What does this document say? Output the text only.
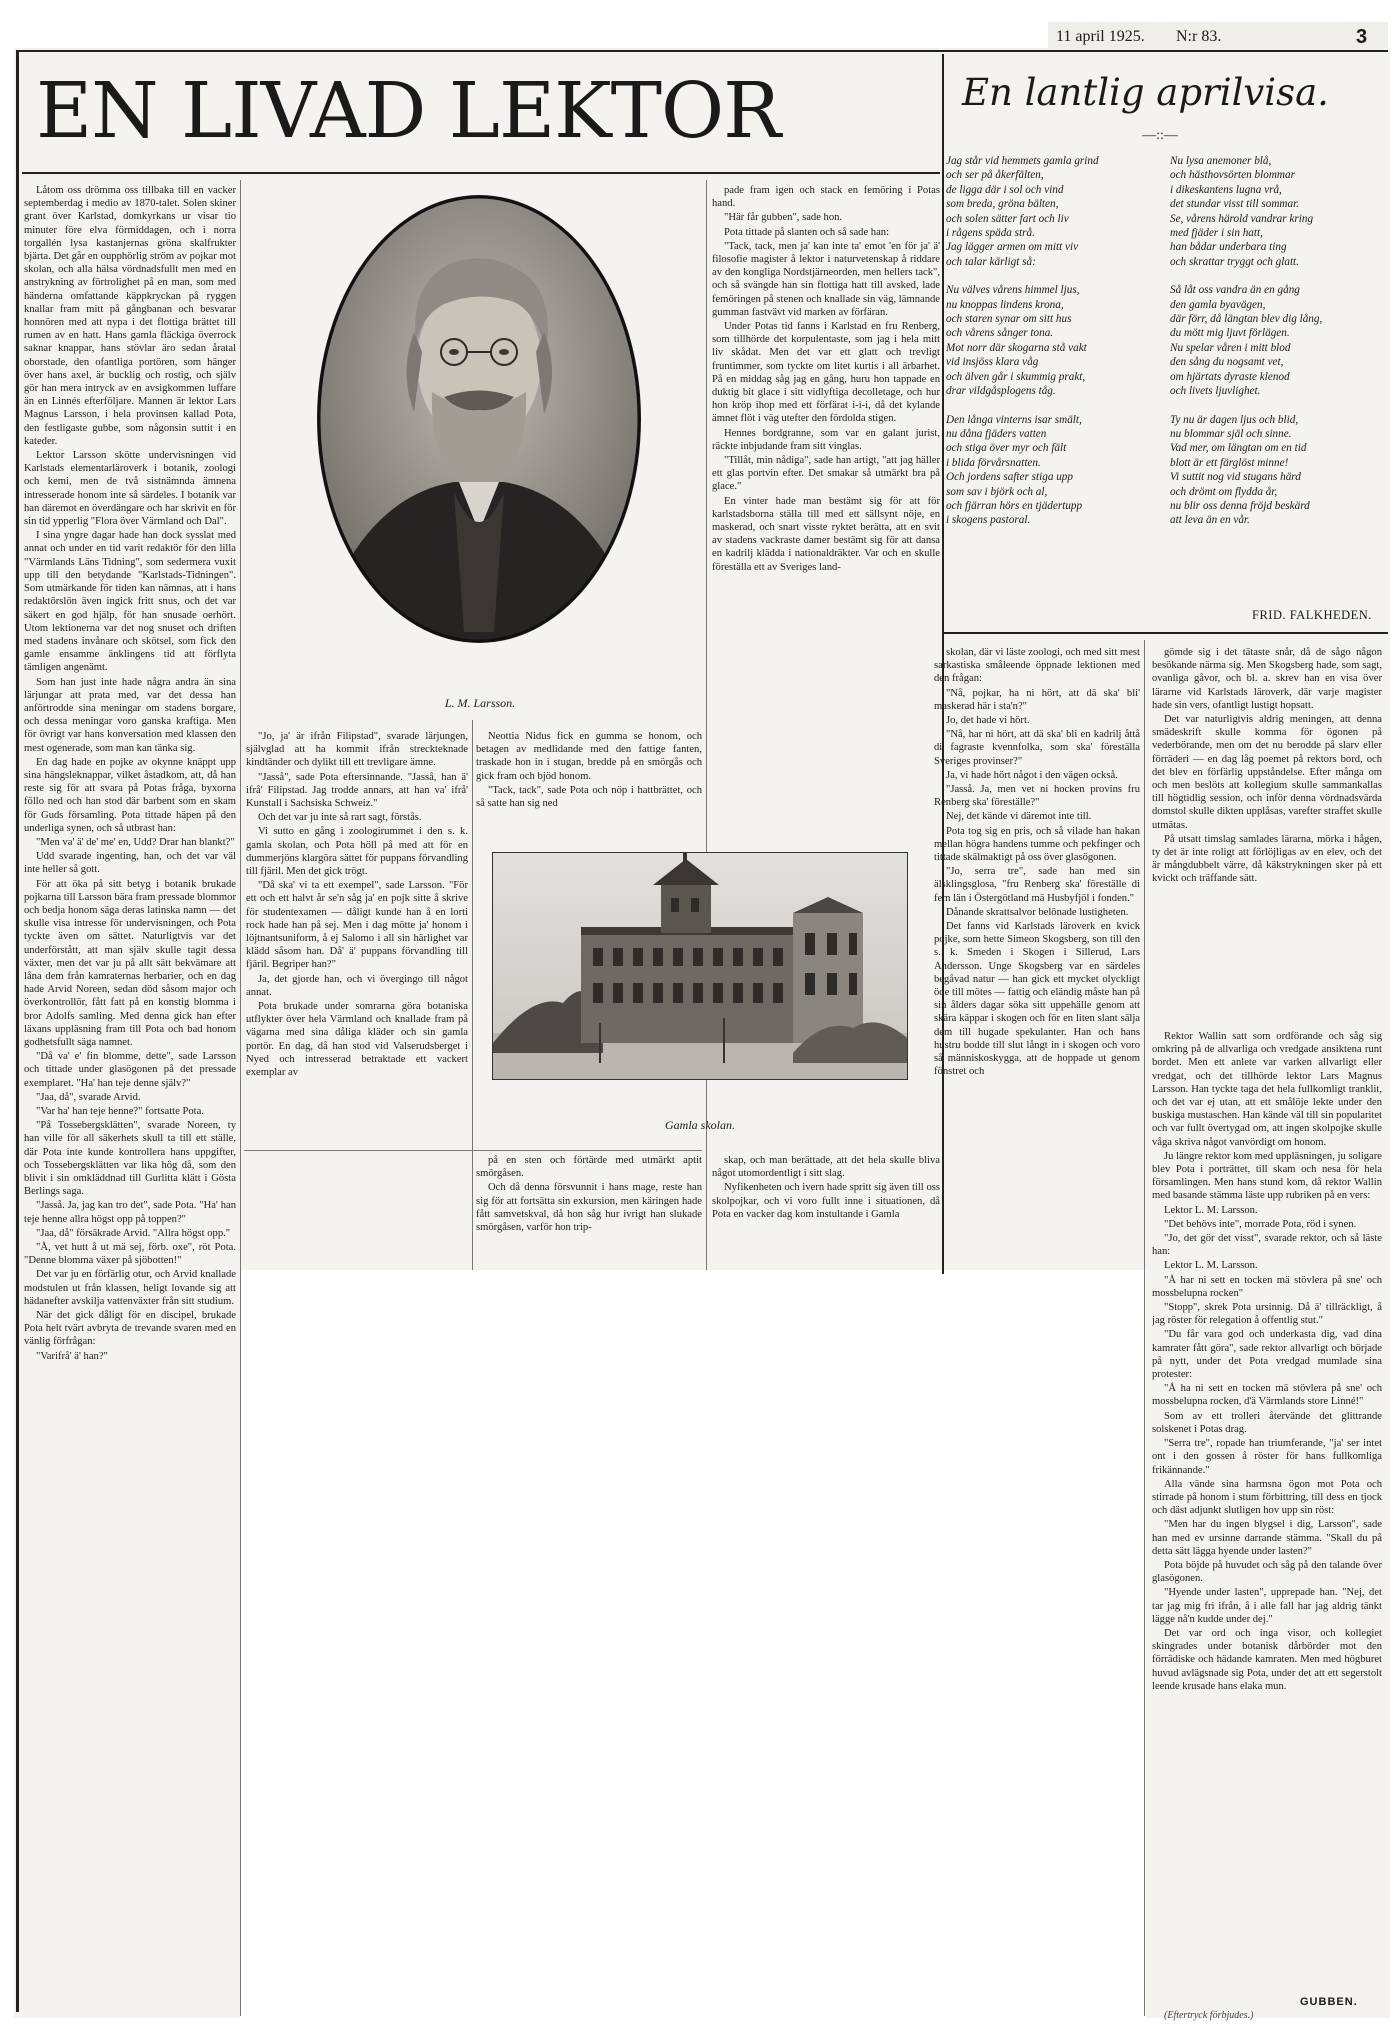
11 april 1925. N:r 83.	3
EN LIVAD LEKTOR	En lantlig aprilvisa.
—::—
Jag står vid hemmets gamla grind
och ser på åkerfälten,
de ligga där i sol och vind
som breda, gröna bälten,
och solen sätter fart och liv
i rågens späda strå.
Jag lägger armen om mitt viv
och talar kärligt så:
Nu välves vårens himmel ljus,
nu knoppas lindens krona,
och staren synar om sitt hus
och vårens sånger tona.
Mot norr där skogarna stå vakt
vid insjöss klara våg
och älven går i skummig prakt,
drar vildgåsplogens tåg.
Den långa vinterns isar smält,
nu dåna fjäders vatten
och stiga över myr och fält
i blida förvårsnatten.
Och jordens safter stiga upp
som sav i björk och al,
och fjärran hörs en tjädertupp
i skogens pastoral.
Nu lysa anemoner blå,
och hästhovsörten blommar
i dikeskantens lugna vrå,
det stundar visst till sommar.
Se, vårens härold vandrar kring
med fjäder i sin hatt,
han bådar underbara ting
och skrattar tryggt och glatt.
Så låt oss vandra än en gång
den gamla byavägen,
där förr, då längtan blev dig lång,
du mött mig ljuvt förlägen.
Nu spelar våren i mitt blod
den sång du nogsamt vet,
om hjärtats dyraste klenod
och livets ljuvlighet.
Ty nu är dagen ljus och blid,
nu blommar själ och sinne.
Vad mer, om längtan om en tid
blott är ett färglöst minne!
Vi suttit nog vid stugans härd
och drömt om flydda år,
nu blir oss denna fröjd beskärd
att leva än en vår.
FRID. FALKHEDEN.
L. M. Larsson.
Gamla skolan.

Låtom oss drömma oss tillbaka till en vacker septemberdag i medio av 1870-talet. Solen skiner grant över Karlstad, domkyrkans ur visar tio minuter före elva förmiddagen, och i norra torgallén lysa kastanjernas gröna skalfrukter bjärta. Det går en oupphörlig ström av pojkar mot skolan, och alla hälsa vördnadsfullt men med en anstrykning av förtrolighet på en man, som med händerna omfattande käppkryckan på ryggen knallar fram mitt på gångbanan och besvarar honnören med att nypa i det flottiga brättet till rumen av en hatt. Hans gamla fläckiga överrock saknar knappar, hans stövlar äro sedan åratal oborstade, den ofantliga portören, som hänger över hans axel, är bucklig och rostig, och själv gör han mera intryck av en avsigkommen luffare än en Linnés efterföljare. Mannen är lektor Lars Magnus Larsson, i hela provinsen kallad Pota, den festligaste gubbe, som någonsin suttit i en kateder.

Lektor Larsson skötte undervisningen vid Karlstads elementarläroverk i botanik, zoologi och kemi, men de två sistnämnda ämnena intresserade honom inte så särdeles. I botanik var han däremot en överdängare och har skrivit en för sin tid ypperlig "Flora över Värmland och Dal".

I sina yngre dagar hade han dock sysslat med annat och under en tid varit redaktör för den lilla "Värmlands Läns Tidning", som sedermera vuxit upp till den betydande "Karlstads-Tidningen". Som utmärkande för tiden kan nämnas, att i hans redaktörslön även ingick fritt snus, och det var säkert en god hjälp, för han snusade oerhört. Utom lektionerna var det nog snuset och driften med stadens invånare och skötsel, som fick den gamle ensamme änklingens tid att förflyta tämligen angenämt.

Som han just inte hade några andra än sina lärjungar att prata med, var det dessa han anförtrodde sina meningar om stadens borgare, och dessa meningar voro ganska kraftiga. Men för övrigt var hans konversation med klassen den mest ogenerade, som man kan tänka sig.

En dag hade en pojke av okynne knäppt upp sina hängsleknappar, vilket åstadkom, att, då han reste sig för att svara på Potas fråga, byxorna föllo ned och han stod där barbent som en skam för Guds församling. Pota tittade häpen på den underliga synen, och så utbrast han:

"Men va' ä' de' me' en, Udd? Drar han blankt?"

Udd svarade ingenting, han, och det var väl inte heller så gott.

För att öka på sitt betyg i botanik brukade pojkarna till Larsson bära fram pressade blommor och bedja honom säga deras latinska namn — det skulle visa intresse för undervisningen, och Pota tyckte även om sättet. Naturligtvis var det underförstått, att man själv skulle tagit dessa växter, men det var ju på allt sätt bekvämare att låna dem från kamraternas herbarier, och en dag hade Arvid Noreen, sedan död såsom major och överkontrollör, fått fatt på en konstig blomma i bror Adolfs samling. Med denna gick han efter läxans uppläsning fram till Pota och bad honom godhetsfullt säga namnet.

"Då va' e' fin blomme, dette", sade Larsson och tittade under glasögonen på det pressade exemplaret. "Ha' han teje denne själv?"

"Jaa, då", svarade Arvid.

"Var ha' han teje henne?" fortsatte Pota.

"På Tossebergsklätten", svarade Noreen, ty han ville för all säkerhets skull ta till ett ställe, där Pota inte kunde kontrollera hans uppgifter, och Tossebergsklätten var lika hög då, som den blivit i sin omkläddnad till Gurlitta klätt i Gösta Berlings saga.

"Jasså. Ja, jag kan tro det", sade Pota. "Ha' han teje henne allra högst opp på toppen?"

"Jaa, då" försäkrade Arvid. "Allra högst opp."

"Å, vet hutt å ut mä sej, förb. oxe", röt Pota. "Denne blomma växer på sjöbotten!"

Det var ju en förfärlig otur, och Arvid knallade modstulen ut från klassen, heligt lovande sig att hädanefter avskilja vattenväxter från sitt studium.

När det gick dåligt för en discipel, brukade Pota helt tvärt avbryta de trevande svaren med en vänlig förfrågan:

"Varifrå' ä' han?"

"Jo, ja' är ifrån Filipstad", svarade lärjungen, självglad att ha kommit ifrån streckteknade kindtänder och dylikt till ett trevligare ämne.

"Jasså", sade Pota eftersinnande. "Jasså, han ä' ifrå' Filipstad. Jag trodde annars, att han va' ifrå' Kunstall i Sachsiska Schweiz."

Och det var ju inte så rart sagt, förstås.

Vi sutto en gång i zoologirummet i den s. k. gamla skolan, och Pota höll på med att för en dummerjöns klargöra sättet för puppans förvandling till fjäril. Men det gick trögt.

"Då ska' vi ta ett exempel", sade Larsson. "För ett och ett halvt år se'n såg ja' en pojk sitte å skrive för studentexamen — dåligt kunde han å en lorti rock hade han på sej. Men i dag mötte ja' honom i löjtnantsuniform, å ej Salomo i all sin härlighet var klädd såsom han. Då' ä' puppans förvandling till fjäril. Begriper han?"

Ja, det gjorde han, och vi övergingo till något annat.

Pota brukade under somrarna göra botaniska utflykter över hela Värmland och knallade fram på vägarna med sina dåliga kläder och sin gamla portör. En dag, då han stod vid Valserudsberget i Nyed och intresserad betraktade ett vackert exemplar av

Neottia Nidus fick en gumma se honom, och betagen av medlidande med den fattige fanten, traskade hon in i stugan, bredde på en smörgås och gick fram och bjöd honom.

"Tack, tack", sade Pota och nöp i hattbrättet, och så satte han sig ned

på en sten och förtärde med utmärkt aptit smörgåsen.

Och då denna försvunnit i hans mage, reste han sig för att fortsätta sin exkursion, men käringen hade fått samvetskval, då hon såg hur ivrigt han slukade smörgåsen, varför hon trip-

pade fram igen och stack en femöring i Potas hand.

"Här får gubben", sade hon.

Pota tittade på slanten och så sade han:

"Tack, tack, men ja' kan inte ta' emot 'en för ja' ä' filosofie magister å lektor i naturvetenskap å riddare av den kongliga Nordstjärneorden, men hellers tack", och så svängde han sin flottiga hatt till avsked, lade femöringen på stenen och knallade sin väg, lämnande gumman fastvävt vid marken av förfäran.

Under Potas tid fanns i Karlstad en fru Renberg, som tillhörde det korpulentaste, som jag i hela mitt liv skådat. Men det var ett glatt och trevligt fruntimmer, som tyckte om litet kurtis i all ärbarhet. På en middag såg jag en gång, huru hon tappade en duktig bit glace i sitt vidlyftiga decolletage, och hur hon kröp ihop med ett förfärat i-i-i, då det kylande ämnet flöt i väg utefter den fördolda stigen.

Hennes bordgranne, som var en galant jurist, räckte inbjudande fram sitt vinglas.

"Tillåt, min nådiga", sade han artigt, "att jag häller ett glas portvin efter. Det smakar så utmärkt bra på glace."

En vinter hade man bestämt sig för att för karlstadsborna ställa till med ett sällsynt nöje, en maskerad, och snart visste ryktet berätta, att en svit av stadens vackraste damer bestämt sig för att dansa en kadrilj klädda i nationaldräkter. Var och en skulle föreställa ett av Sveriges land-

skap, och man berättade, att det hela skulle bliva något utomordentligt i sitt slag.

Nyfikenheten och ivern hade spritt sig även till oss skolpojkar, och vi voro fullt inne i situationen, då Pota en vacker dag kom instultande i Gamla

skolan, där vi läste zoologi, och med sitt mest sarkastiska småleende öppnade lektionen med den frågan:

"Nå, pojkar, ha ni hört, att dä ska' bli' maskerad här i sta'n?"

Jo, det hade vi hört.

"Nå, har ni hört, att dä ska' bli en kadrilj åttå di fagraste kvennfolka, som ska' föreställa Sveriges provinser?"

Ja, vi hade hört något i den vägen också.

"Jasså. Ja, men vet ni hocken provins fru Renberg ska' föreställe?"

Nej, det kände vi däremot inte till.

Pota tog sig en pris, och så vilade han hakan mellan högra handens tumme och pekfinger och tittade skälmaktigt på oss över glasögonen.

"Jo, serra tre", sade han med sin älsklingsglosa, "fru Renberg ska' föreställe di fem län i Östergötland mä Husbyfjöl i fonden."

Dånande skrattsalvor belönade lustigheten.

Det fanns vid Karlstads läroverk en kvick pojke, som hette Simeon Skogsberg, son till den s. k. Smeden i Skogen i Sillerud, Lars Andersson. Unge Skogsberg var en särdeles begåvad natur — han gick ett mycket olyckligt öde till mötes — fattig och eländig måste han på sin ålders dagar söka sitt uppehälle genom att skära käppar i skogen och för en liten slant sälja dem till hugade spekulanter. Han och hans hustru bodde till slut långt in i skogen och voro så människoskygga, att de hoppade ut genom fönstret och

gömde sig i det tätaste snår, då de sågo någon besökande närma sig. Men Skogsberg hade, som sagt, ovanliga gåvor, och bl. a. skrev han en visa över lärarne vid Karlstads läroverk, där varje magister hade sin vers, ofantligt lustigt hopsatt.

Det var naturligtvis aldrig meningen, att denna smädeskrift skulle komma för ögonen på vederbörande, men om det nu berodde på slarv eller förräderi — en dag låg poemet på rektors bord, och det blev en förfärlig uppståndelse. Efter många om och men beslöts att kollegium skulle sammankallas till högtidlig session, och inför denna vördnadsvärda domstol skulle dikten upplåsas, varefter straffet skulle utmätas.

På utsatt timslag samlades lärarna, mörka i hågen, ty det är inte roligt att förlöjligas av en elev, och det är mångdubbelt värre, då käkstrykningen sker på ett kvickt och träffande sätt.

Rektor Wallin satt som ordförande och såg sig omkring på de allvarliga och vredgade ansiktena runt bordet. Men ett anlete var varken allvarligt eller vredgat, och det tillhörde lektor Lars Magnus Larsson. Han tyckte taga det hela fullkomligt tranklit, och det var ej utan, att ett smålöje lekte under den buskiga mustaschen. Han kände väl till sin popularitet och var fullt övertygad om, att ingen skolpojke skulle våga skriva något vanvördigt om honom.

Ju längre rektor kom med uppläsningen, ju soligare blev Pota i porträttet, till skam och nesa för hela församlingen. Men hans stund kom, då rektor Wallin med basande stämma läste upp rubriken på en vers:

Lektor L. M. Larsson.

"Det behövs inte", morrade Pota, röd i synen.

"Jo, det gör det visst", svarade rektor, och så läste han:

Lektor L. M. Larsson.

"Å har ni sett en tocken mä stövlera på sne' och mossbelupna rocken"

"Stopp", skrek Pota ursinnig. Då ä' tillräckligt, å jag röster för relegation å offentlig stut."

"Du får vara god och underkasta dig, vad dina kamrater fått göra", sade rektor allvarligt och började på nytt, under det Pota vredgad mumlade sina protester:

"Å ha ni sett en tocken mä stövlera på sne' och mossbelupna rocken, d'ä Värmlands store Linné!"

Som av ett trolleri återvände det glittrande solskenet i Potas drag.

"Serra tre", ropade han triumferande, "ja' ser intet ont i den gossen å röster för hans fullkomliga frikännande."

Alla vände sina harmsna ögon mot Pota och stirrade på honom i stum förbittring, till dess en tjock och däst adjunkt slutligen hov upp sin röst:

"Men har du ingen blygsel i dig, Larsson", sade han med ev ursinne darrande stämma. "Skall du på detta sätt lägga hyende under lasten?"

Pota böjde på huvudet och såg på den talande över glasögonen.

"Hyende under lasten", upprepade han. "Nej, det tar jag mig fri ifrån, å i alle fall har jag aldrig tänkt lägge nå'n kudde under dej."

Det var ord och inga visor, och kollegiet skingrades under botanisk dårbörder mot den förrädiske och hädande kamraten. Men med högburet huvud avlägsnade sig Pota, under det att ett segerstolt leende krusade hans elaka mun.

GUBBEN.
(Eftertryck förbjudes.)
